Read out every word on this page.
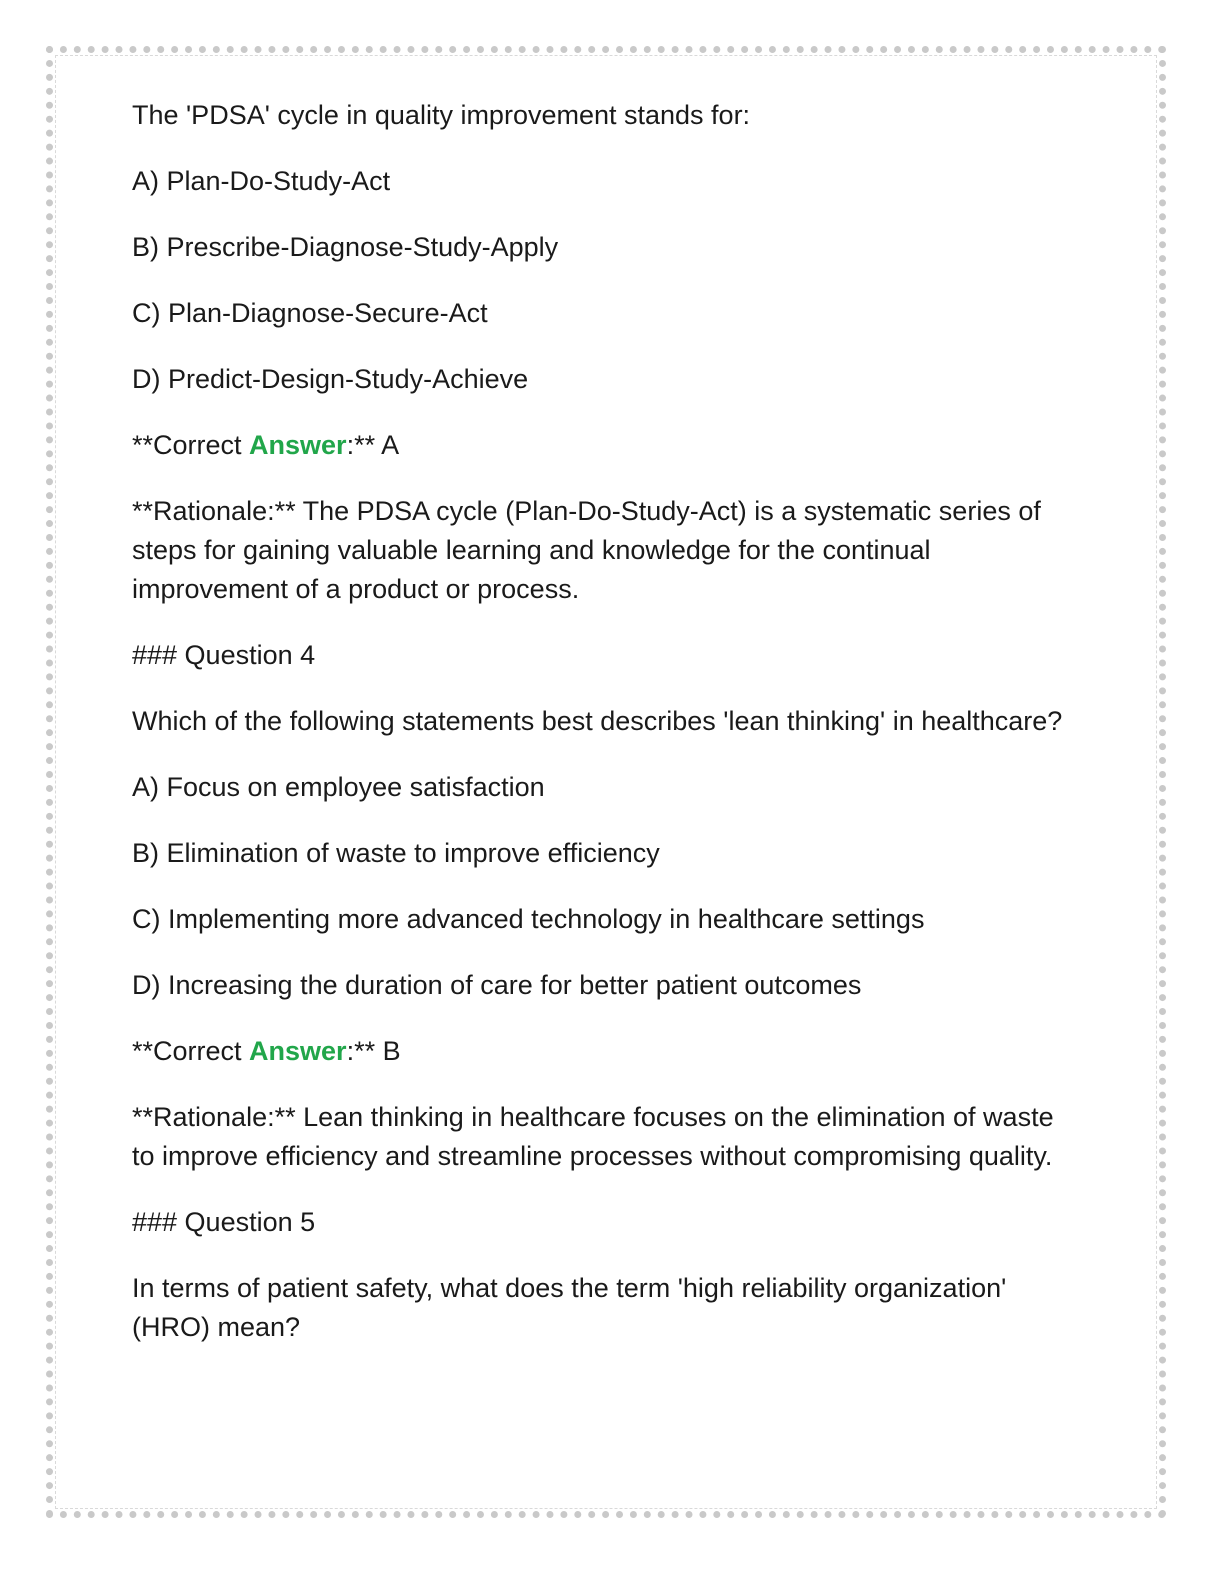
The 'PDSA' cycle in quality improvement stands for:

A) Plan-Do-Study-Act

B) Prescribe-Diagnose-Study-Apply

C) Plan-Diagnose-Secure-Act

D) Predict-Design-Study-Achieve

**Correct Answer:** A

**Rationale:** The PDSA cycle (Plan-Do-Study-Act) is a systematic series of steps for gaining valuable learning and knowledge for the continual improvement of a product or process.

### Question 4

Which of the following statements best describes 'lean thinking' in healthcare?

A) Focus on employee satisfaction

B) Elimination of waste to improve efficiency

C) Implementing more advanced technology in healthcare settings

D) Increasing the duration of care for better patient outcomes

**Correct Answer:** B

**Rationale:** Lean thinking in healthcare focuses on the elimination of waste to improve efficiency and streamline processes without compromising quality.

### Question 5

In terms of patient safety, what does the term 'high reliability organization' (HRO) mean?
